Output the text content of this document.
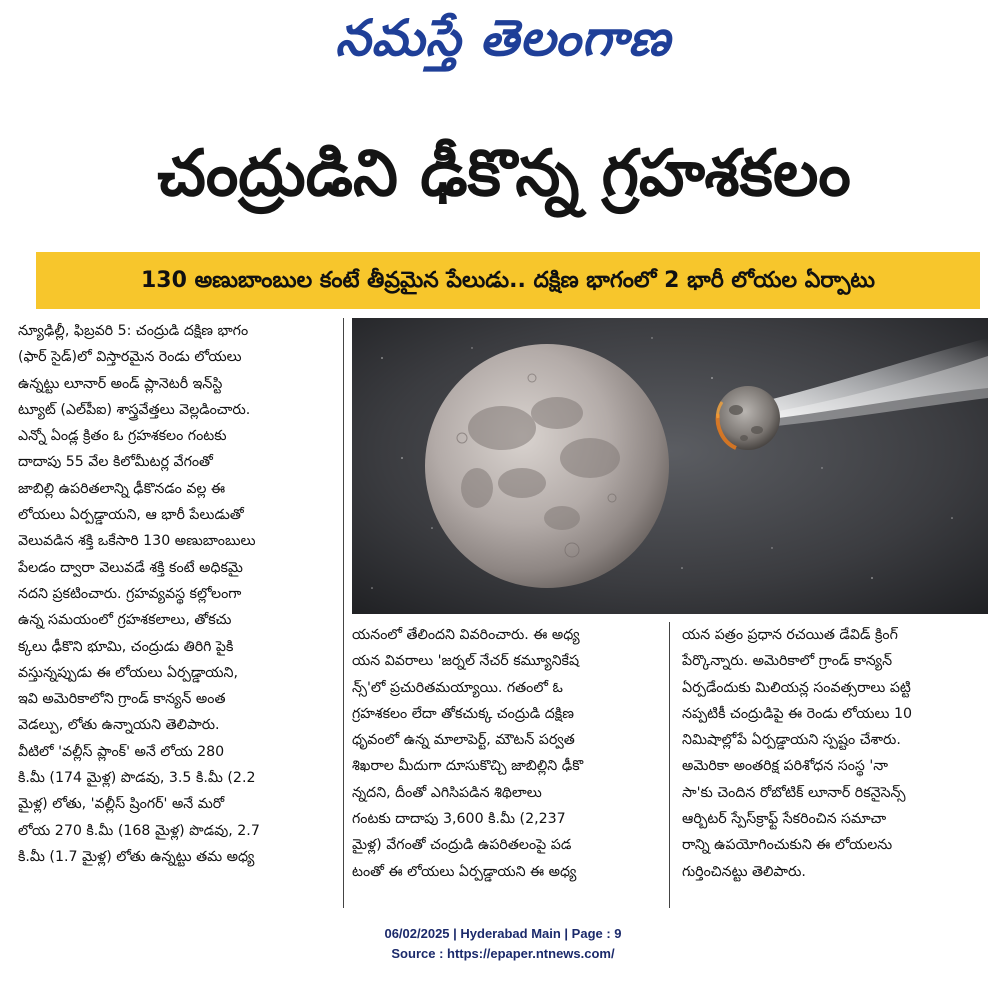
నమస్తే తెలంగాణ
చంద్రుడిని ఢీకొన్న గ్రహశకలం
130 అణుబాంబుల కంటే తీవ్రమైన పేలుడు.. దక్షిణ భాగంలో 2 భారీ లోయల ఏర్పాటు

న్యూఢిల్లీ, ఫిబ్రవరి 5: చంద్రుడి దక్షిణ భాగం

(ఫార్ సైడ్)లో విస్తారమైన రెండు లోయలు

ఉన్నట్టు లూనార్ అండ్ ప్లానెటరీ ఇన్‌స్టి

ట్యూట్ (ఎల్‌పీఐ) శాస్త్రవేత్తలు వెల్లడించారు.

ఎన్నో ఏండ్ల క్రితం ఓ గ్రహశకలం గంటకు

దాదాపు 55 వేల కిలోమీటర్ల వేగంతో

జాబిల్లి ఉపరితలాన్ని ఢీకొనడం వల్ల ఈ

లోయలు ఏర్పడ్డాయని, ఆ భారీ పేలుడుతో

వెలువడిన శక్తి ఒకేసారి 130 అణుబాంబులు

పేలడం ద్వారా వెలువడే శక్తి కంటే అధికమై

నదని ప్రకటించారు. గ్రహవ్యవస్థ కల్లోలంగా

ఉన్న సమయంలో గ్రహశకలాలు, తోకచు

క్కలు ఢీకొని భూమి, చంద్రుడు తిరిగి పైకి

వస్తున్నప్పుడు ఈ లోయలు ఏర్పడ్డాయని,

ఇవి అమెరికాలోని గ్రాండ్ కాన్యన్ అంత

వెడల్పు, లోతు ఉన్నాయని తెలిపారు.

వీటిలో 'వల్లీస్ ప్లాంక్' అనే లోయ 280

కి.మీ (174 మైళ్ల) పొడవు, 3.5 కి.మీ (2.2

మైళ్ల) లోతు, 'వల్లీస్ ష్రింగర్' అనే మరో

లోయ 270 కి.మీ (168 మైళ్ల) పొడవు, 2.7

కి.మీ (1.7 మైళ్ల) లోతు ఉన్నట్టు తమ అధ్య

యనంలో తేలిందని వివరించారు. ఈ అధ్య

యన వివరాలు 'జర్నల్ నేచర్ కమ్యూనికేష

న్స్'లో ప్రచురితమయ్యాయి. గతంలో ఓ

గ్రహశకలం లేదా తోకచుక్క చంద్రుడి దక్షిణ

ధృవంలో ఉన్న మాలాపెర్ట్, మౌటన్ పర్వత

శిఖరాల మీదుగా దూసుకొచ్చి జాబిల్లిని ఢీకొ

న్నదని, దీంతో ఎగిసిపడిన శిథిలాలు

గంటకు దాదాపు 3,600 కి.మీ (2,237

మైళ్ల) వేగంతో చంద్రుడి ఉపరితలంపై పడ

టంతో ఈ లోయలు ఏర్పడ్డాయని ఈ అధ్య

యన పత్రం ప్రధాన రచయిత డేవిడ్ క్రింగ్

పేర్కొన్నారు. అమెరికాలో గ్రాండ్ కాన్యన్

ఏర్పడేందుకు మిలియన్ల సంవత్సరాలు పట్టి

నప్పటికీ చంద్రుడిపై ఈ రెండు లోయలు 10

నిమిషాల్లోపే ఏర్పడ్డాయని స్పష్టం చేశారు.

అమెరికా అంతరిక్ష పరిశోధన సంస్థ 'నా

సా'కు చెందిన రోబోటిక్ లూనార్ రికనైసెన్స్

ఆర్బిటర్ స్పేస్‌క్రాఫ్ట్ సేకరించిన సమాచా

రాన్ని ఉపయోగించుకుని ఈ లోయలను

గుర్తించినట్టు తెలిపారు.

06/02/2025 | Hyderabad Main | Page : 9
Source : https://epaper.ntnews.com/
